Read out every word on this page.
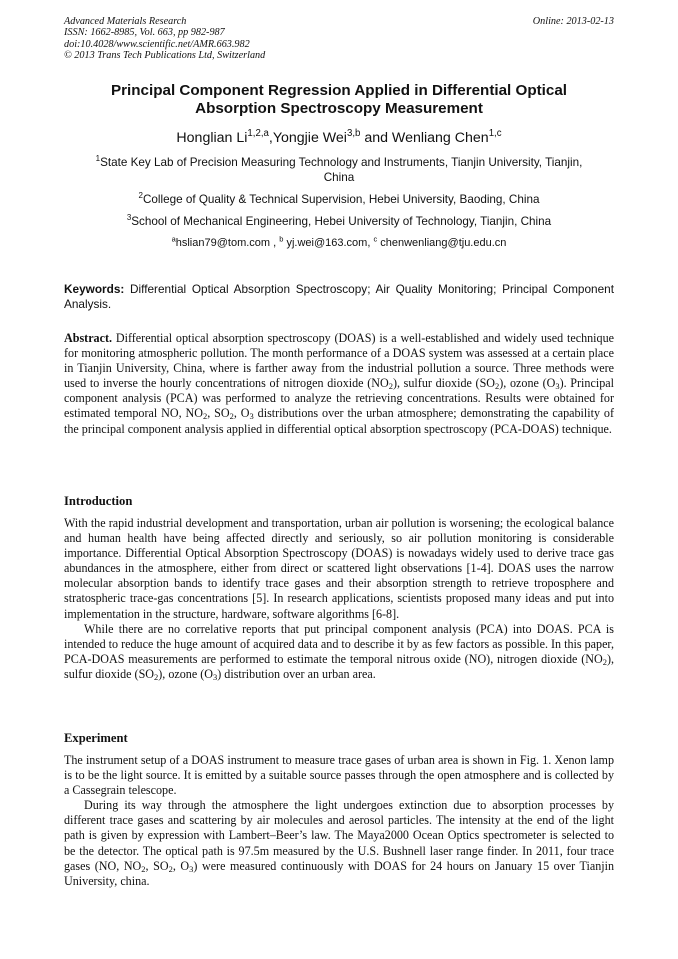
Advanced Materials Research
ISSN: 1662-8985, Vol. 663, pp 982-987
doi:10.4028/www.scientific.net/AMR.663.982
© 2013 Trans Tech Publications Ltd, Switzerland
Online: 2013-02-13
Principal Component Regression Applied in Differential Optical
Absorption Spectroscopy Measurement
Honglian Li$^{1,2,a}$,Yongjie Wei$^{3,b}$ and Wenliang Chen$^{1,c}$
$^1$State Key Lab of Precision Measuring Technology and Instruments, Tianjin University, Tianjin,
China
$^2$College of Quality & Technical Supervision, Hebei University, Baoding, China
$^3$School of Mechanical Engineering, Hebei University of Technology, Tianjin, China
$^a$hslian79@tom.com , $^b$ yj.wei@163.com, $^c$ chenwenliang@tju.edu.cn
Keywords: Differential Optical Absorption Spectroscopy; Air Quality Monitoring; Principal Component Analysis.
Abstract. Differential optical absorption spectroscopy (DOAS) is a well-established and widely used technique for monitoring atmospheric pollution. The month performance of a DOAS system was assessed at a certain place in Tianjin University, China, where is farther away from the industrial pollution a source. Three methods were used to inverse the hourly concentrations of nitrogen dioxide $(NO_2)$, sulfur dioxide $(SO_2)$, ozone $(O_3)$. Principal component analysis (PCA) was performed to analyze the retrieving concentrations. Results were obtained for estimated temporal NO, $NO_2$, $SO_2$, $O_3$ distributions over the urban atmosphere; demonstrating the capability of the principal component analysis applied in differential optical absorption spectroscopy (PCA-DOAS) technique.
Introduction

With the rapid industrial development and transportation, urban air pollution is worsening; the ecological balance and human health have being affected directly and seriously, so air pollution monitoring is considerable importance. Differential Optical Absorption Spectroscopy (DOAS) is nowadays widely used to derive trace gas abundances in the atmosphere, either from direct or scattered light observations [1-4]. DOAS uses the narrow molecular absorption bands to identify trace gases and their absorption strength to retrieve troposphere and stratospheric trace-gas concentrations [5]. In research applications, scientists proposed many ideas and put into implementation in the structure, hardware, software algorithms [6-8].

While there are no correlative reports that put principal component analysis (PCA) into DOAS. PCA is intended to reduce the huge amount of acquired data and to describe it by as few factors as possible. In this paper, PCA-DOAS measurements are performed to estimate the temporal nitrous oxide (NO), nitrogen dioxide $(NO_2)$, sulfur dioxide $(SO_2)$, ozone $(O_3)$ distribution over an urban area.

Experiment

The instrument setup of a DOAS instrument to measure trace gases of urban area is shown in Fig. 1. Xenon lamp is to be the light source. It is emitted by a suitable source passes through the open atmosphere and is collected by a Cassegrain telescope.

During its way through the atmosphere the light undergoes extinction due to absorption processes by different trace gases and scattering by air molecules and aerosol particles. The intensity at the end of the light path is given by expression with Lambert–Beer’s law. The Maya2000 Ocean Optics spectrometer is selected to be the detector. The optical path is 97.5m measured by the U.S. Bushnell laser range finder. In 2011, four trace gases (NO, $NO_2$, $SO_2$, $O_3$) were measured continuously with DOAS for 24 hours on January 15 over Tianjin University, china.
